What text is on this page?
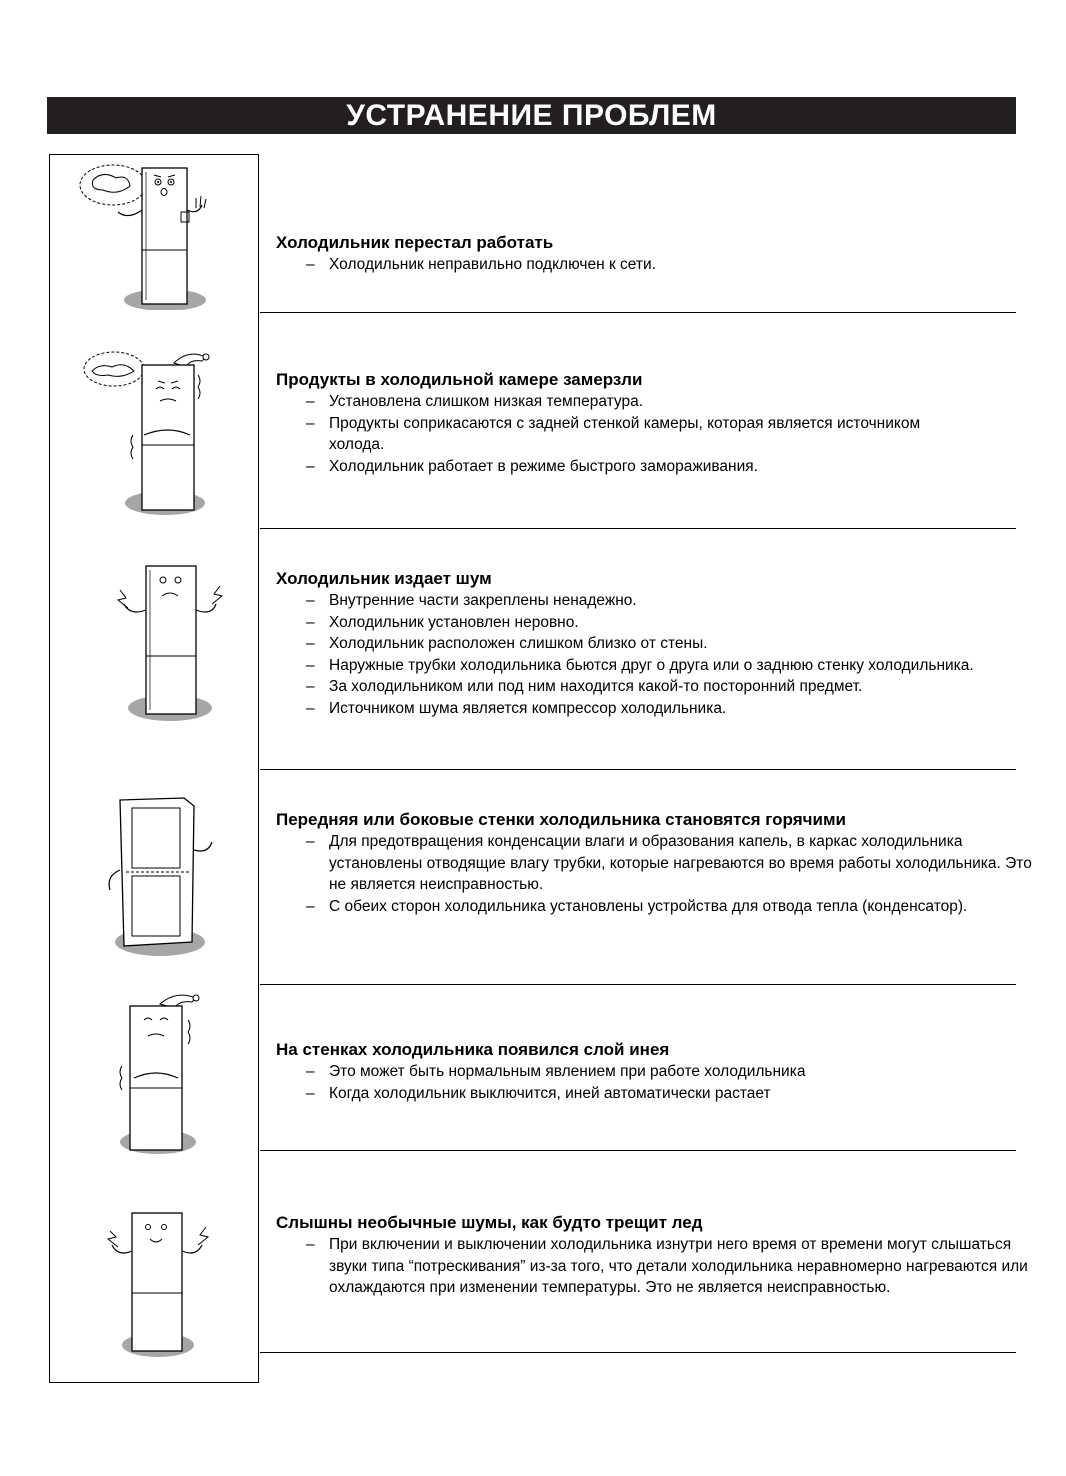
УСТРАНЕНИЕ ПРОБЛЕМ
Холодильник перестал работать
– Холодильник неправильно подключен к сети.
Продукты в холодильной камере замерзли
– Установлена слишком низкая температура.
– Продукты соприкасаются с задней стенкой камеры, которая является источником холода.
– Холодильник работает в режиме быстрого замораживания.
Холодильник издает шум
– Внутренние части закреплены ненадежно.
– Холодильник установлен неровно.
– Холодильник расположен слишком близко от стены.
– Наружные трубки холодильника бьются друг о друга или о заднюю стенку холодильника.
– За холодильником или под ним находится какой-то посторонний предмет.
– Источником шума является компрессор холодильника.
Передняя или боковые стенки холодильника становятся горячими
– Для предотвращения конденсации влаги и образования капель, в каркас холодильника установлены отводящие влагу трубки, которые нагреваются во время работы холодильника. Это не является неисправностью.
– С обеих сторон холодильника установлены устройства для отвода тепла (конденсатор).
На стенках холодильника появился слой инея
– Это может быть нормальным явлением при работе холодильника
– Когда холодильник выключится, иней автоматически растает
Слышны необычные шумы, как будто трещит лед
– При включении и выключении холодильника изнутри него время от времени могут слышаться звуки типа “потрескивания” из-за того, что детали холодильника неравномерно нагреваются или охлаждаются при изменении температуры. Это не является неисправностью.
